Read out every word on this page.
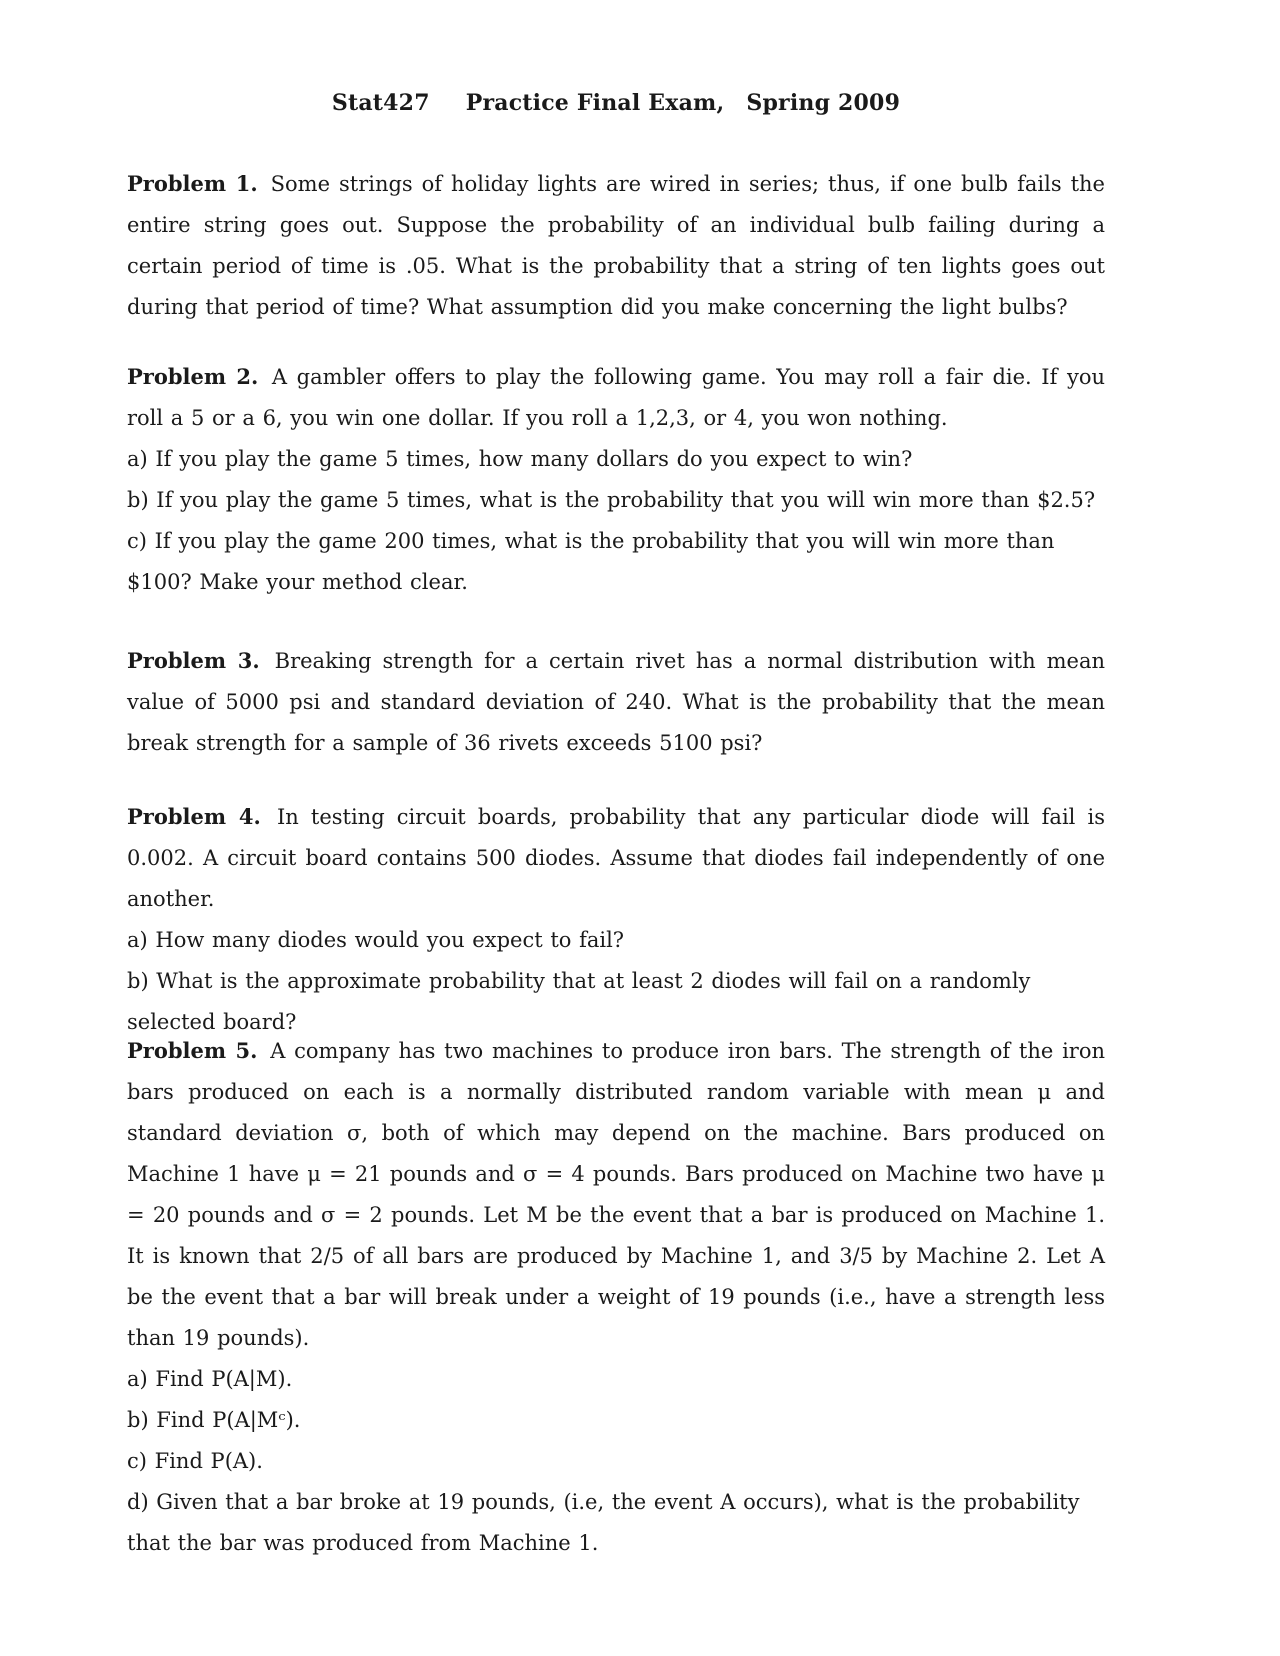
Stat427 Practice Final Exam, Spring 2009

Problem 1. Some strings of holiday lights are wired in series; thus, if one bulb fails the entire string goes out. Suppose the probability of an individual bulb failing during a certain period of time is .05. What is the probability that a string of ten lights goes out during that period of time? What assumption did you make concerning the light bulbs?

Problem 2. A gambler offers to play the following game. You may roll a fair die. If you roll a 5 or a 6, you win one dollar. If you roll a 1,2,3, or 4, you won nothing.

a) If you play the game 5 times, how many dollars do you expect to win?

b) If you play the game 5 times, what is the probability that you will win more than $2.5?

c) If you play the game 200 times, what is the probability that you will win more than $100? Make your method clear.

Problem 3. Breaking strength for a certain rivet has a normal distribution with mean value of 5000 psi and standard deviation of 240. What is the probability that the mean break strength for a sample of 36 rivets exceeds 5100 psi?

Problem 4. In testing circuit boards, probability that any particular diode will fail is 0.002. A circuit board contains 500 diodes. Assume that diodes fail independently of one another.

a) How many diodes would you expect to fail?

b) What is the approximate probability that at least 2 diodes will fail on a randomly selected board?

Problem 5. A company has two machines to produce iron bars. The strength of the iron bars produced on each is a normally distributed random variable with mean μ and standard deviation σ, both of which may depend on the machine. Bars produced on Machine 1 have μ = 21 pounds and σ = 4 pounds. Bars produced on Machine two have μ = 20 pounds and σ = 2 pounds. Let M be the event that a bar is produced on Machine 1. It is known that 2/5 of all bars are produced by Machine 1, and 3/5 by Machine 2. Let A be the event that a bar will break under a weight of 19 pounds (i.e., have a strength less than 19 pounds).

a) Find P(A|M).

b) Find P(A|Mᶜ).

c) Find P(A).

d) Given that a bar broke at 19 pounds, (i.e, the event A occurs), what is the probability that the bar was produced from Machine 1.
